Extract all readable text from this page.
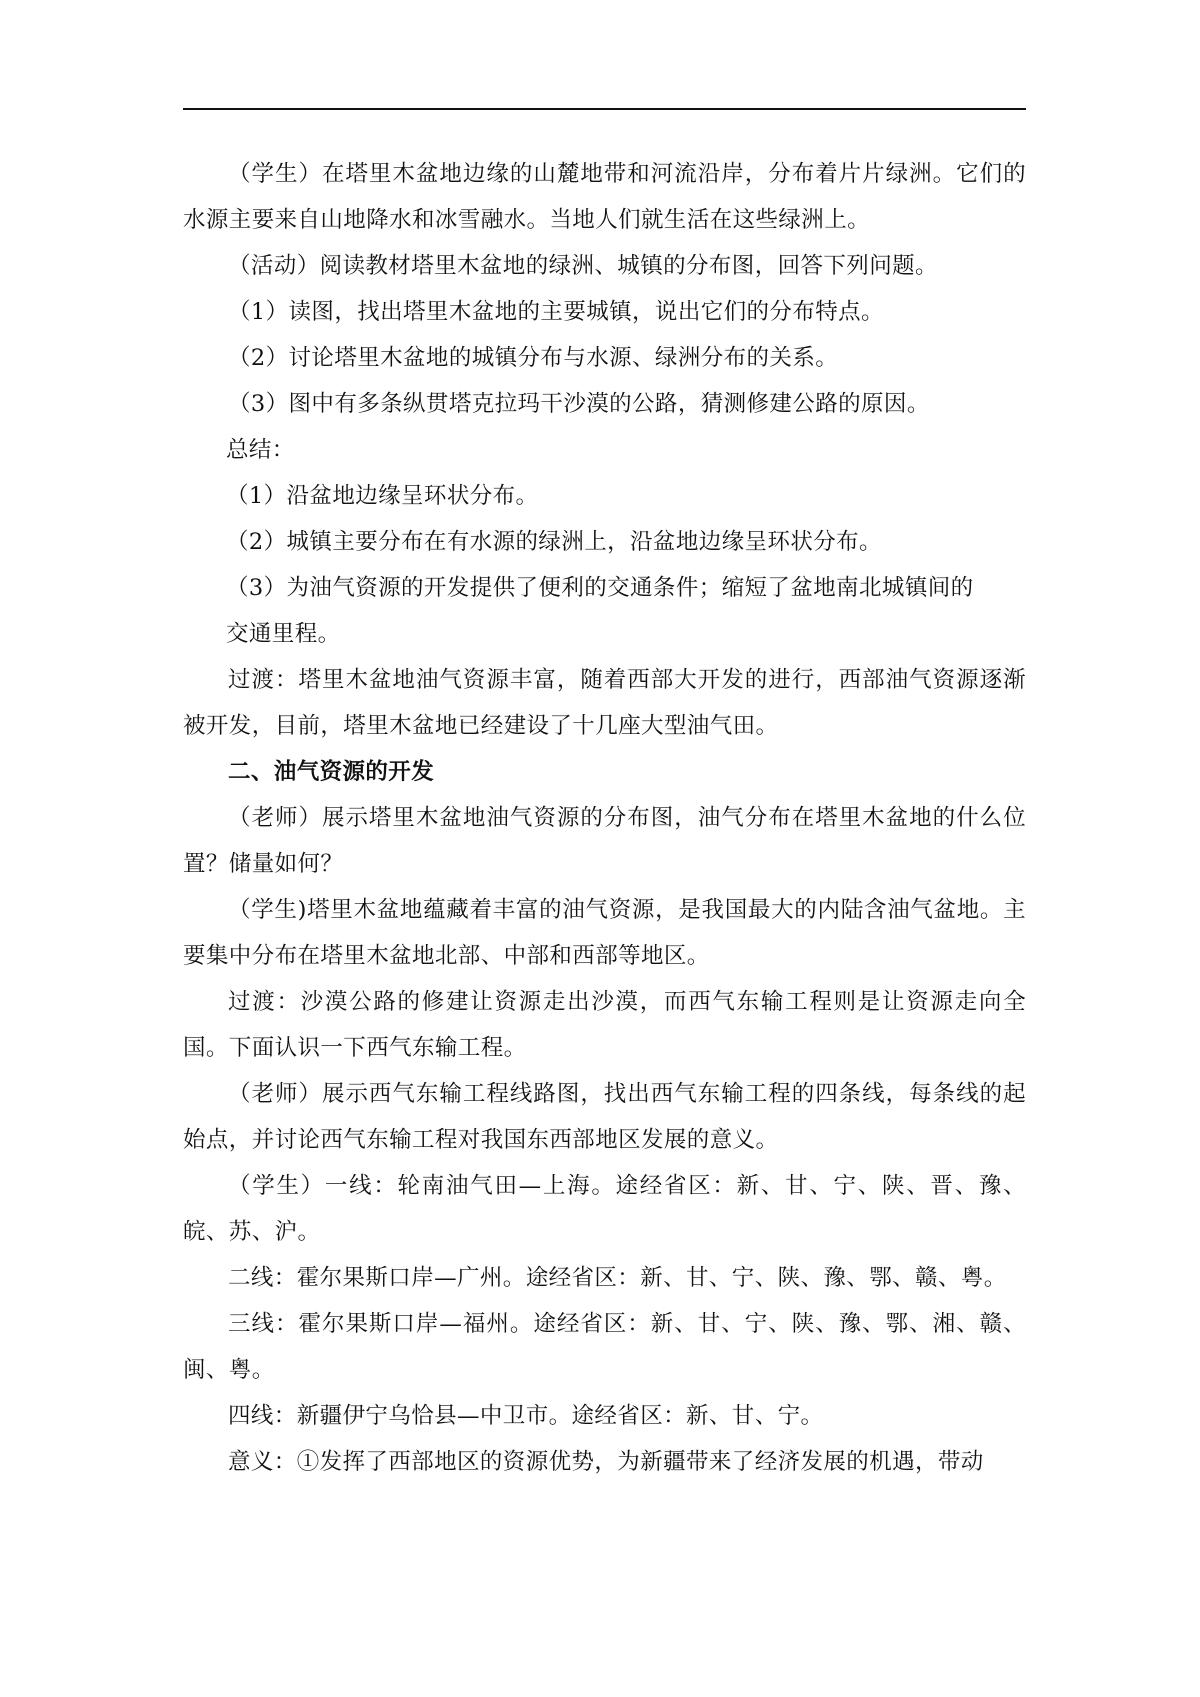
（学生）在塔里木盆地边缘的山麓地带和河流沿岸，分布着片片绿洲。它们的水源主要来自山地降水和冰雪融水。当地人们就生活在这些绿洲上。

（活动）阅读教材塔里木盆地的绿洲、城镇的分布图，回答下列问题。

（1）读图，找出塔里木盆地的主要城镇，说出它们的分布特点。

（2）讨论塔里木盆地的城镇分布与水源、绿洲分布的关系。

（3）图中有多条纵贯塔克拉玛干沙漠的公路，猜测修建公路的原因。

总结：

（1）沿盆地边缘呈环状分布。

（2）城镇主要分布在有水源的绿洲上，沿盆地边缘呈环状分布。

（3）为油气资源的开发提供了便利的交通条件；缩短了盆地南北城镇间的

交通里程。

过渡：塔里木盆地油气资源丰富，随着西部大开发的进行，西部油气资源逐渐被开发，目前，塔里木盆地已经建设了十几座大型油气田。

二、油气资源的开发

（老师）展示塔里木盆地油气资源的分布图，油气分布在塔里木盆地的什么位置？储量如何？

（学生)塔里木盆地蕴藏着丰富的油气资源，是我国最大的内陆含油气盆地。主要集中分布在塔里木盆地北部、中部和西部等地区。

过渡：沙漠公路的修建让资源走出沙漠，而西气东输工程则是让资源走向全国。下面认识一下西气东输工程。

（老师）展示西气东输工程线路图，找出西气东输工程的四条线，每条线的起始点，并讨论西气东输工程对我国东西部地区发展的意义。

（学生）一线：轮南油气田—上海。途经省区：新、甘、宁、陕、晋、豫、皖、苏、沪。

二线：霍尔果斯口岸—广州。途经省区：新、甘、宁、陕、豫、鄂、赣、粤。

三线：霍尔果斯口岸—福州。途经省区：新、甘、宁、陕、豫、鄂、湘、赣、闽、粤。

四线：新疆伊宁乌恰县—中卫市。途经省区：新、甘、宁。

意义：①发挥了西部地区的资源优势，为新疆带来了经济发展的机遇，带动
